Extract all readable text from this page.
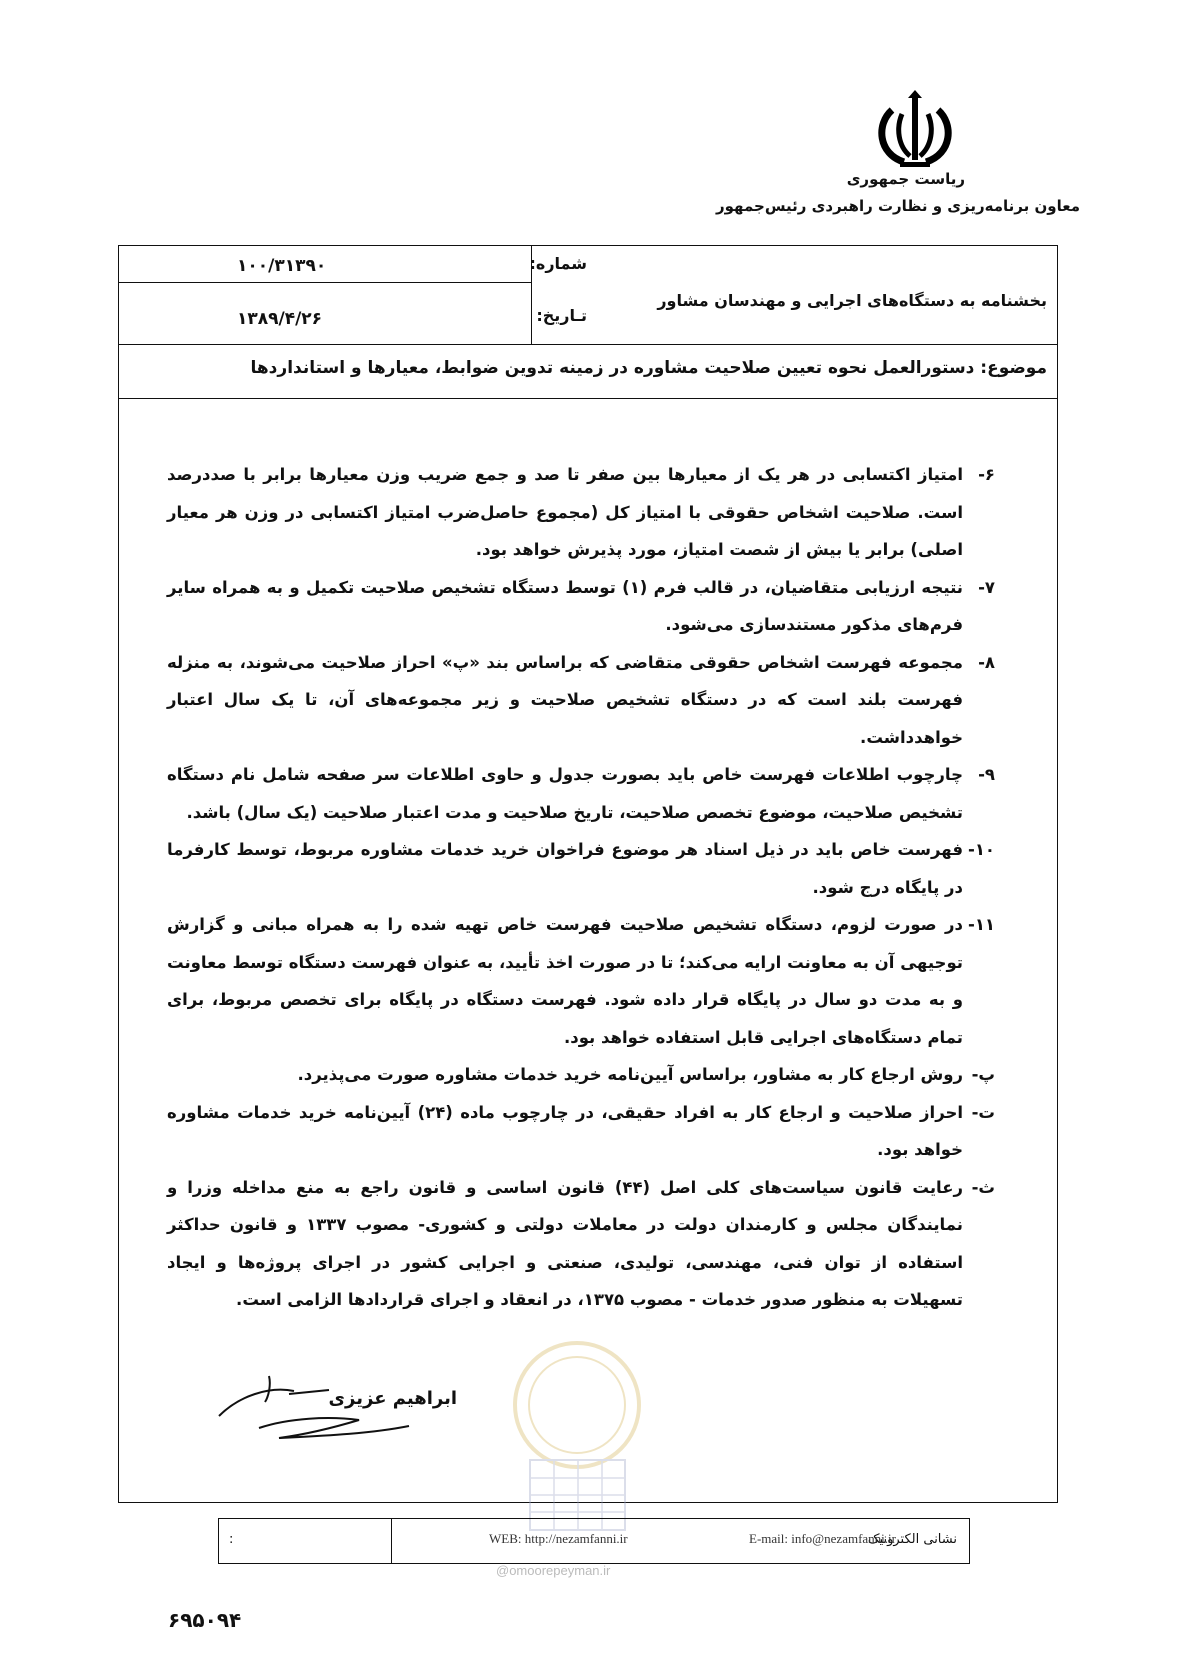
ریاست جمهوری
معاون برنامه‌ریزی و نظارت راهبردی رئیس‌جمهور
بخشنامه به دستگاه‌های اجرایی و مهندسان مشاور
شماره:
۱۰۰/۳۱۳۹۰
تـاریخ:
۱۳۸۹/۴/۲۶
موضوع: دستورالعمل نحوه تعیین صلاحیت مشاوره در زمینه تدوین ضوابط، معیارها و استانداردها
۶-
امتیاز اکتسابی در هر یک از معیارها بین صفر تا صد و جمع ضریب وزن معیارها برابر با صددرصد است. صلاحیت اشخاص حقوقی با امتیاز کل (مجموع حاصل‌ضرب امتیاز اکتسابی در وزن هر معیار اصلی) برابر یا بیش از شصت امتیاز، مورد پذیرش خواهد بود.
۷-
نتیجه ارزیابی متقاضیان، در قالب فرم (۱) توسط دستگاه تشخیص صلاحیت تکمیل و به همراه سایر فرم‌های مذکور مستندسازی می‌شود.
۸-
مجموعه فهرست اشخاص حقوقی متقاضی که براساس بند «پ» احراز صلاحیت می‌شوند، به منزله فهرست بلند است که در دستگاه تشخیص صلاحیت و زیر مجموعه‌های آن، تا یک سال اعتبار خواهدداشت.
۹-
چارچوب اطلاعات فهرست خاص باید بصورت جدول و حاوی اطلاعات سر صفحه شامل نام دستگاه تشخیص صلاحیت، موضوع تخصص صلاحیت، تاریخ صلاحیت و مدت اعتبار صلاحیت (یک سال) باشد.
۱۰-
فهرست خاص باید در ذیل اسناد هر موضوع فراخوان خرید خدمات مشاوره مربوط، توسط کارفرما در پایگاه درج شود.
۱۱-
در صورت لزوم، دستگاه تشخیص صلاحیت فهرست خاص تهیه شده را به همراه مبانی و گزارش توجیهی آن به معاونت ارایه می‌کند؛ تا در صورت اخذ تأیید، به عنوان فهرست دستگاه توسط معاونت و به مدت دو سال در پایگاه قرار داده شود. فهرست دستگاه در پایگاه برای تخصص مربوط، برای تمام دستگاه‌های اجرایی قابل استفاده خواهد بود.
پ-
روش ارجاع کار به مشاور، براساس آیین‌نامه خرید خدمات مشاوره صورت می‌پذیرد.
ت-
احراز صلاحیت و ارجاع کار به افراد حقیقی، در چارچوب ماده (۲۴) آیین‌نامه خرید خدمات مشاوره خواهد بود.
ث-
رعایت قانون سیاست‌های کلی اصل (۴۴) قانون اساسی و قانون راجع به منع مداخله وزرا و نمایندگان مجلس و کارمندان دولت در معاملات دولتی و کشوری- مصوب ۱۳۳۷ و قانون حداکثر استفاده از توان فنی، مهندسی، تولیدی، صنعتی و اجرایی کشور در اجرای پروژه‌ها و ایجاد تسهیلات به منظور صدور خدمات - مصوب ۱۳۷۵، در انعقاد و اجرای قراردادها الزامی است.
ابراهیم عزیزی
نشانی الکترونیک
:	WEB: http://nezamfanni.ir	E-mail: info@nezamfanni.ir
@omoorepeyman.ir
۶۹۵۰۹۴
